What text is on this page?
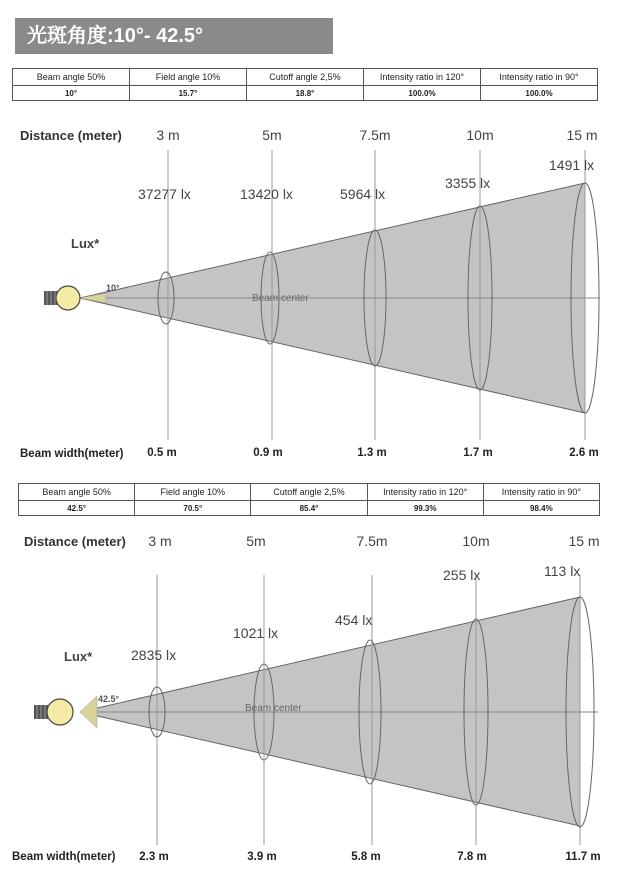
光斑角度:10°- 42.5°
Beam angle 50%	Field angle 10%	Cutoff angle 2,5%	Intensity ratio in 120°	Intensity ratio in 90°
10°	15.7°	18.8°	100.0%	100.0%
Distance (meter) 3 m	5m	7.5m	10m	15 m
10°
Beam center
Lux*
37277 lx	13420 lx	5964 lx
3355 lx
1491 lx
Beam width(meter) 0.5 m	0.9 m	1.3 m	1.7 m	2.6 m
Beam angle 50%	Field angle 10%	Cutoff angle 2,5%	Intensity ratio in 120°	Intensity ratio in 90°
42.5°	70.5°	85.4°	99.3%	98.4%
Distance (meter) 3 m	5m	7.5m	10m	15 m
42.5°
Beam center
Lux*	2835 lx
1021 lx
454 lx
255 lx	113 lx
Beam width(meter) 2.3 m	3.9 m	5.8 m	7.8 m	11.7 m
